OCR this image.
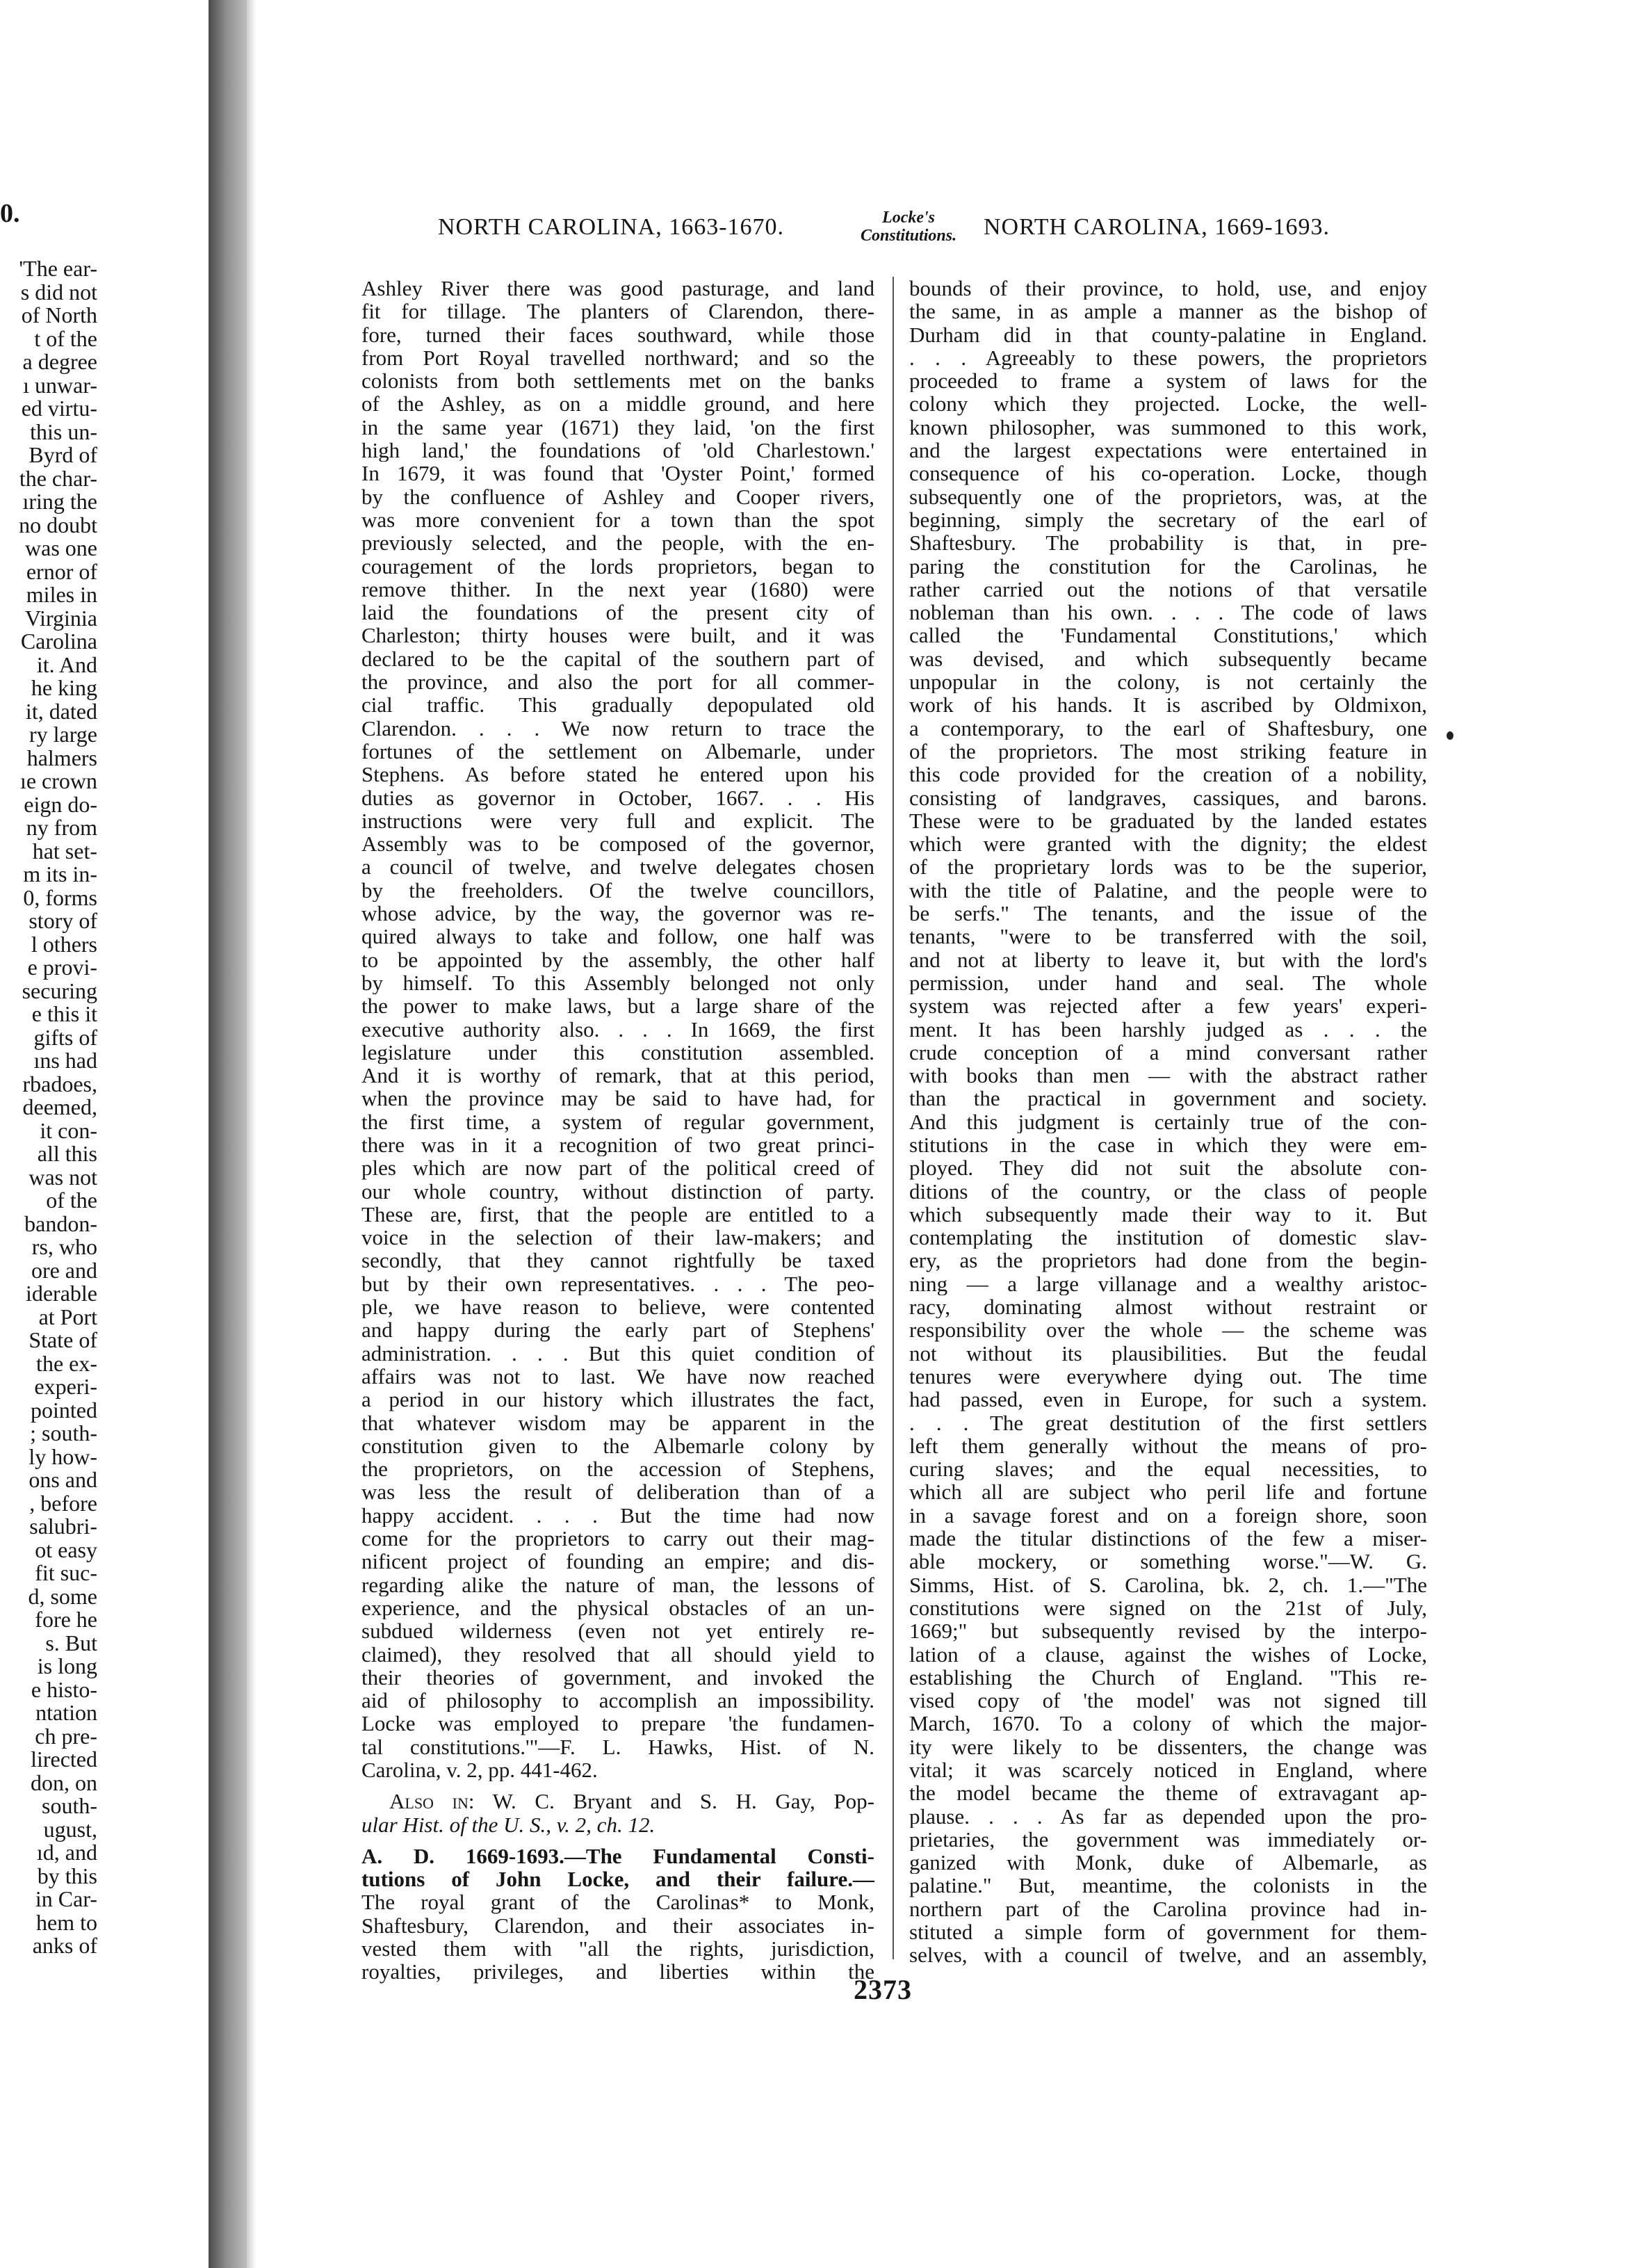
0.
'The ear-
s did not
of North
t of the
a degree
ı unwar-
ed virtu-
this un-
Byrd of
the char-
ıring the
no doubt
was one
ernor of
miles in
Virginia
Carolina
it. And
he king
it, dated
ry large
halmers
ıe crown
eign do-
ny from
hat set-
m its in-
0, forms
story of
l others
e provi-
securing
e this it
gifts of
ıns had
rbadoes,
deemed,
it con-
all this
was not
of the
bandon-
rs, who
ore and
iderable
at Port
State of
the ex-
experi-
pointed
; south-
ly how-
ons and
, before
salubri-
ot easy
fit suc-
d, some
fore he
s. But
is long
e histo-
ntation
ch pre-
lirected
don, on
south-
ugust,
ıd, and
by this
in Car-
hem to
anks of
NORTH CAROLINA, 1663-1670.	Locke's
Constitutions. NORTH CAROLINA, 1669-1693.
Ashley River there was good pasturage, and land
fit for tillage. The planters of Clarendon, there-
fore, turned their faces southward, while those
from Port Royal travelled northward; and so the
colonists from both settlements met on the banks
of the Ashley, as on a middle ground, and here
in the same year (1671) they laid, 'on the first
high land,' the foundations of 'old Charlestown.'
In 1679, it was found that 'Oyster Point,' formed
by the confluence of Ashley and Cooper rivers,
was more convenient for a town than the spot
previously selected, and the people, with the en-
couragement of the lords proprietors, began to
remove thither. In the next year (1680) were
laid the foundations of the present city of
Charleston; thirty houses were built, and it was
declared to be the capital of the southern part of
the province, and also the port for all commer-
cial traffic. This gradually depopulated old
Clarendon. . . . We now return to trace the
fortunes of the settlement on Albemarle, under
Stephens. As before stated he entered upon his
duties as governor in October, 1667. . . His
instructions were very full and explicit. The
Assembly was to be composed of the governor,
a council of twelve, and twelve delegates chosen
by the freeholders. Of the twelve councillors,
whose advice, by the way, the governor was re-
quired always to take and follow, one half was
to be appointed by the assembly, the other half
by himself. To this Assembly belonged not only
the power to make laws, but a large share of the
executive authority also. . . . In 1669, the first
legislature under this constitution assembled.
And it is worthy of remark, that at this period,
when the province may be said to have had, for
the first time, a system of regular government,
there was in it a recognition of two great princi-
ples which are now part of the political creed of
our whole country, without distinction of party.
These are, first, that the people are entitled to a
voice in the selection of their law-makers; and
secondly, that they cannot rightfully be taxed
but by their own representatives. . . . The peo-
ple, we have reason to believe, were contented
and happy during the early part of Stephens'
administration. . . . But this quiet condition of
affairs was not to last. We have now reached
a period in our history which illustrates the fact,
that whatever wisdom may be apparent in the
constitution given to the Albemarle colony by
the proprietors, on the accession of Stephens,
was less the result of deliberation than of a
happy accident. . . . But the time had now
come for the proprietors to carry out their mag-
nificent project of founding an empire; and dis-
regarding alike the nature of man, the lessons of
experience, and the physical obstacles of an un-
subdued wilderness (even not yet entirely re-
claimed), they resolved that all should yield to
their theories of government, and invoked the
aid of philosophy to accomplish an impossibility.
Locke was employed to prepare 'the fundamen-
tal constitutions.'"—F. L. Hawks, Hist. of N.
Carolina, v. 2, pp. 441-462.
Also in: W. C. Bryant and S. H. Gay, Pop-
ular Hist. of the U. S., v. 2, ch. 12.
A. D. 1669-1693.—The Fundamental Consti-
tutions of John Locke, and their failure.—
The royal grant of the Carolinas* to Monk,
Shaftesbury, Clarendon, and their associates in-
vested them with "all the rights, jurisdiction,
royalties, privileges, and liberties within the
bounds of their province, to hold, use, and enjoy
the same, in as ample a manner as the bishop of
Durham did in that county-palatine in England.
. . . Agreeably to these powers, the proprietors
proceeded to frame a system of laws for the
colony which they projected. Locke, the well-
known philosopher, was summoned to this work,
and the largest expectations were entertained in
consequence of his co-operation. Locke, though
subsequently one of the proprietors, was, at the
beginning, simply the secretary of the earl of
Shaftesbury. The probability is that, in pre-
paring the constitution for the Carolinas, he
rather carried out the notions of that versatile
nobleman than his own. . . . The code of laws
called the 'Fundamental Constitutions,' which
was devised, and which subsequently became
unpopular in the colony, is not certainly the
work of his hands. It is ascribed by Oldmixon,
a contemporary, to the earl of Shaftesbury, one
of the proprietors. The most striking feature in
this code provided for the creation of a nobility,
consisting of landgraves, cassiques, and barons.
These were to be graduated by the landed estates
which were granted with the dignity; the eldest
of the proprietary lords was to be the superior,
with the title of Palatine, and the people were to
be serfs." The tenants, and the issue of the
tenants, "were to be transferred with the soil,
and not at liberty to leave it, but with the lord's
permission, under hand and seal. The whole
system was rejected after a few years' experi-
ment. It has been harshly judged as . . . the
crude conception of a mind conversant rather
with books than men — with the abstract rather
than the practical in government and society.
And this judgment is certainly true of the con-
stitutions in the case in which they were em-
ployed. They did not suit the absolute con-
ditions of the country, or the class of people
which subsequently made their way to it. But
contemplating the institution of domestic slav-
ery, as the proprietors had done from the begin-
ning — a large villanage and a wealthy aristoc-
racy, dominating almost without restraint or
responsibility over the whole — the scheme was
not without its plausibilities. But the feudal
tenures were everywhere dying out. The time
had passed, even in Europe, for such a system.
. . . The great destitution of the first settlers
left them generally without the means of pro-
curing slaves; and the equal necessities, to
which all are subject who peril life and fortune
in a savage forest and on a foreign shore, soon
made the titular distinctions of the few a miser-
able mockery, or something worse."—W. G.
Simms, Hist. of S. Carolina, bk. 2, ch. 1.—"The
constitutions were signed on the 21st of July,
1669;" but subsequently revised by the interpo-
lation of a clause, against the wishes of Locke,
establishing the Church of England. "This re-
vised copy of 'the model' was not signed till
March, 1670. To a colony of which the major-
ity were likely to be dissenters, the change was
vital; it was scarcely noticed in England, where
the model became the theme of extravagant ap-
plause. . . . As far as depended upon the pro-
prietaries, the government was immediately or-
ganized with Monk, duke of Albemarle, as
palatine." But, meantime, the colonists in the
northern part of the Carolina province had in-
stituted a simple form of government for them-
selves, with a council of twelve, and an assembly,
2373
